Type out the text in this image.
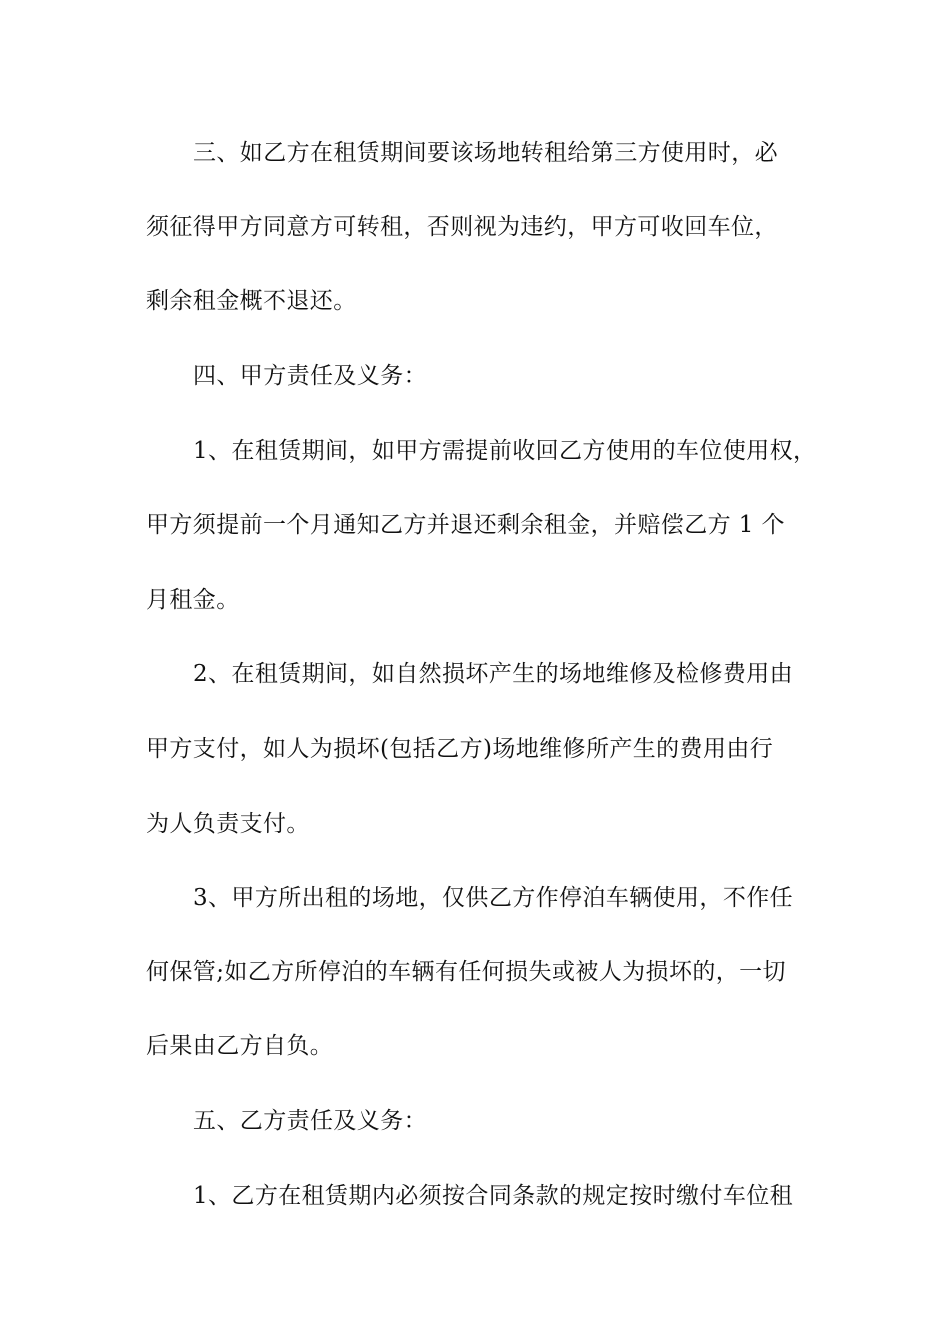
三、如乙方在租赁期间要该场地转租给第三方使用时，必
须征得甲方同意方可转租，否则视为违约，甲方可收回车位，
剩余租金概不退还。
四、甲方责任及义务：
1、在租赁期间，如甲方需提前收回乙方使用的车位使用权，
甲方须提前一个月通知乙方并退还剩余租金，并赔偿乙方 1 个
月租金。
2、在租赁期间，如自然损坏产生的场地维修及检修费用由
甲方支付，如人为损坏(包括乙方)场地维修所产生的费用由行
为人负责支付。
3、甲方所出租的场地，仅供乙方作停泊车辆使用，不作任
何保管;如乙方所停泊的车辆有任何损失或被人为损坏的，一切
后果由乙方自负。
五、乙方责任及义务：
1、乙方在租赁期内必须按合同条款的规定按时缴付车位租
